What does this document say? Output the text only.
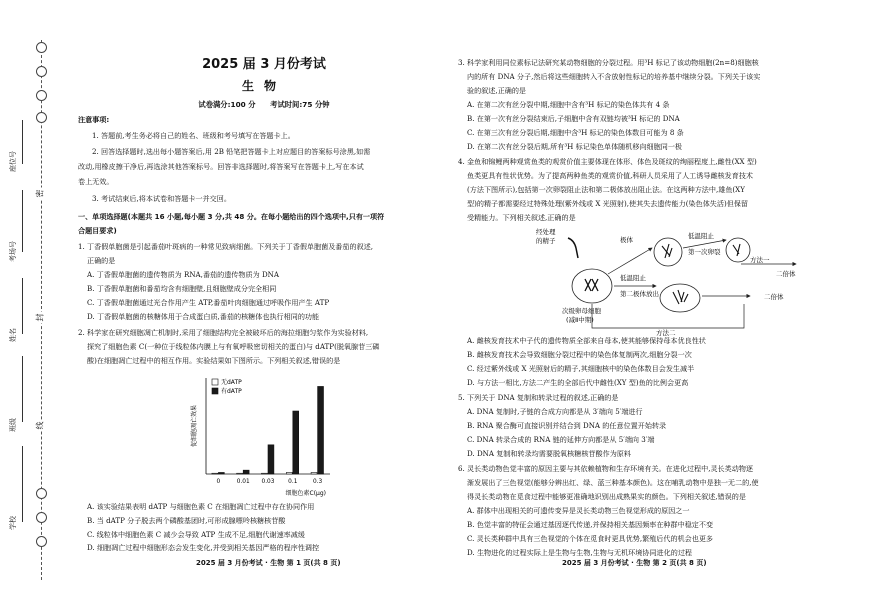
密
封
线
座位号
考场号
姓名
班级
学校
2025 届 3 月份考试
生物
试卷满分:100 分 考试时间:75 分钟
注意事项:
1. 答题前,考生务必将自己的姓名、班级和考号填写在答题卡上。
2. 回答选择题时,选出每小题答案后,用 2B 铅笔把答题卡上对应题目的答案标号涂黑,如需
改动,用橡皮擦干净后,再选涂其他答案标号。回答非选择题时,将答案写在答题卡上,写在本试
卷上无效。
3. 考试结束后,将本试卷和答题卡一并交回。
一、单项选择题(本题共 16 小题,每小题 3 分,共 48 分。在每小题给出的四个选项中,只有一项符
合题目要求)
1. 丁香假单胞菌是引起番茄叶斑病的一种常见致病细菌。下列关于丁香假单胞菌及番茄的叙述,
正确的是
A. 丁香假单胞菌的遗传物质为 RNA,番茄的遗传物质为 DNA
B. 丁香假单胞菌和番茄均含有细胞壁,且细胞壁成分完全相同
C. 丁香假单胞菌通过光合作用产生 ATP,番茄叶肉细胞通过呼吸作用产生 ATP
D. 丁香假单胞菌的核糖体用于合成蛋白质,番茄的核糖体也执行相同的功能
2. 科学家在研究细胞凋亡机制时,采用了细胞结构完全被破坏后的海拉细胞匀浆作为实验材料,
探究了细胞色素 C(一种位于线粒体内膜上与有氧呼吸密切相关的蛋白)与 dATP(脱氧腺苷三磷
酸)在细胞凋亡过程中的相互作用。实验结果如下图所示。下列相关叙述,错误的是
促细胞凋亡效果
细胞色素C(μg)
0	0.01 0.03 0.1	0.3
无dATP
有dATP
A. 该实验结果表明 dATP 与细胞色素 C 在细胞凋亡过程中存在协同作用
B. 当 dATP 分子脱去两个磷酸基团时,可形成腺嘌呤核糖核苷酸
C. 线粒体中细胞色素 C 减少会导致 ATP 生成不足,细胞代谢速率减缓
D. 细胞凋亡过程中细胞形态会发生变化,并受到相关基因严格的程序性调控
2025 届 3 月份考试 · 生物 第 1 页(共 8 页)
3. 科学家利用同位素标记法研究某动物细胞的分裂过程。用³H 标记了该动物细胞(2n=8)细胞核
内的所有 DNA 分子,然后将这些细胞转入不含放射性标记的培养基中继续分裂。下列关于该实
验的叙述,正确的是
A. 在第二次有丝分裂中期,细胞中含有³H 标记的染色体共有 4 条
B. 在第一次有丝分裂结束后,子细胞中含有双链均被³H 标记的 DNA
C. 在第三次有丝分裂后期,细胞中含³H 标记的染色体数目可能为 8 条
D. 在第二次有丝分裂后期,所有³H 标记染色单体随机移向细胞同一极
4. 金鱼和锦鲤两种观赏鱼类的观赏价值主要体现在体形、体色及斑纹的绚丽程度上,雌性(XX 型)
鱼类更具有性状优势。为了提高两种鱼类的观赏价值,科研人员采用了人工诱导雌核发育技术
(方法下图所示),包括第一次卵裂阻止法和第二极体放出阻止法。在这两种方法中,雄鱼(XY
型)的精子都需要经过特殊处理(紫外线或 X 光照射),使其失去遗传能力(染色体失活)但保留
受精能力。下列相关叙述,正确的是
经处理
的精子
次级卵母细胞
(减Ⅱ中期)
极体	低温阻止
第一次卵裂
方法一
二倍体
低温阻止
第二极体放出	二倍体
方法二
A. 雌核发育技术中子代的遗传物质全部来自母本,使其能够保持母本优良性状
B. 雌核发育技术会导致细胞分裂过程中的染色体复制两次,细胞分裂一次
C. 经过紫外线或 X 光照射后的精子,其细胞核中的染色体数目会发生减半
D. 与方法一相比,方法二产生的全部后代中雌性(XY 型)鱼的比例会更高
5. 下列关于 DNA 复制和转录过程的叙述,正确的是
A. DNA 复制时,子链的合成方向都是从 3′端向 5′端进行
B. RNA 聚合酶可直接识别并结合到 DNA 的任意位置开始转录
C. DNA 转录合成的 RNA 链的延伸方向都是从 5′端向 3′端
D. DNA 复制和转录均需要脱氧核糖核苷酸作为原料
6. 灵长类动物色觉丰富的原因主要与其依赖植物和生存环境有关。在进化过程中,灵长类动物逐
渐发展出了三色视觉(能够分辨出红、绿、蓝三种基本颜色)。这在哺乳动物中是独一无二的,使
得灵长类动物在觅食过程中能够更准确地识别出成熟果实的颜色。下列相关叙述,错误的是
A. 群体中出现相关的可遗传变异是灵长类动物三色视觉形成的原因之一
B. 色觉丰富的特征会通过基因逐代传递,并保持相关基因频率在种群中稳定不变
C. 灵长类种群中具有三色视觉的个体在觅食时更具优势,繁殖后代的机会也更多
D. 生物进化的过程实际上是生物与生物,生物与无机环境协同进化的过程
2025 届 3 月份考试 · 生物 第 2 页(共 8 页)
